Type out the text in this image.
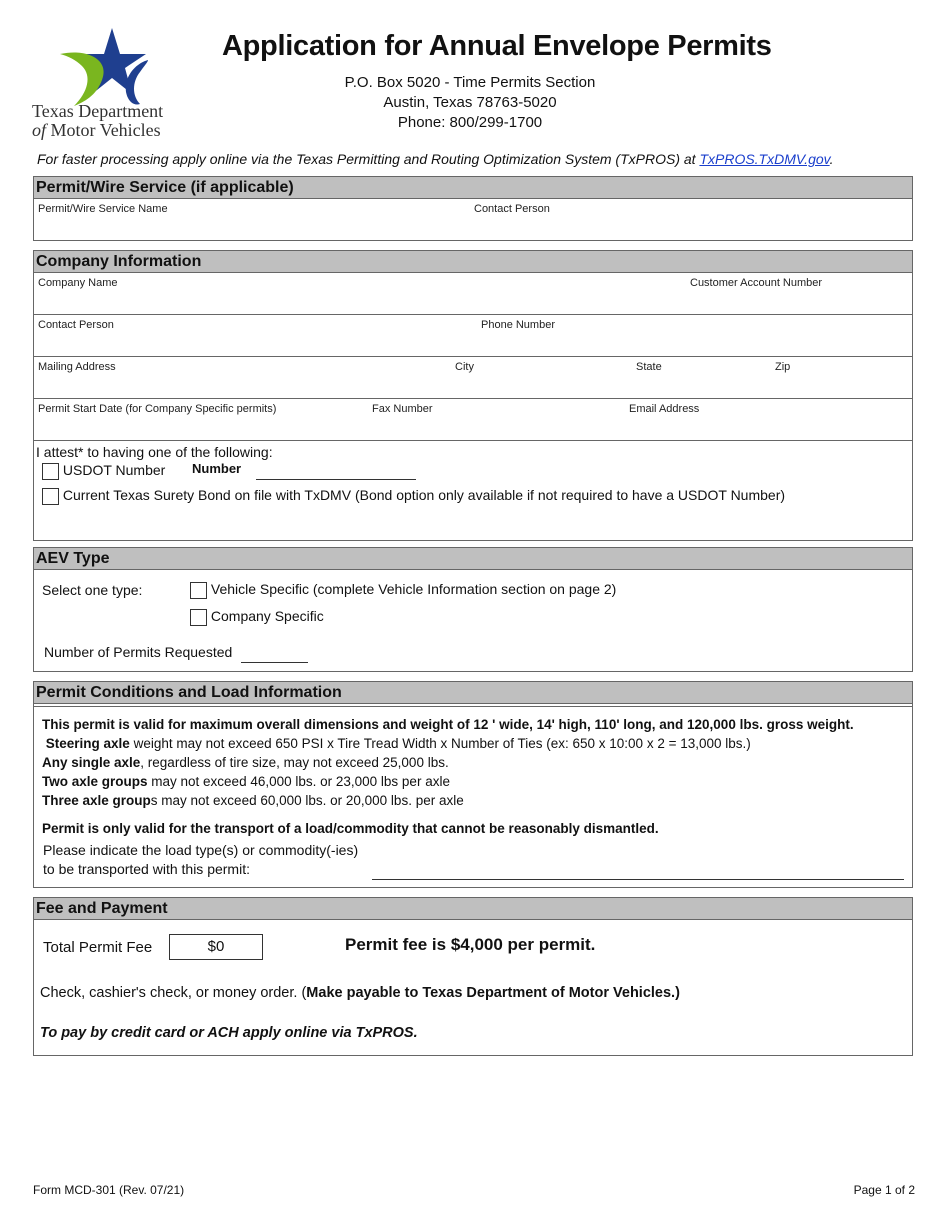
Texas Department
of Motor Vehicles
Application for Annual Envelope Permits
P.O. Box 5020 - Time Permits Section
Austin, Texas 78763-5020
Phone: 800/299-1700
For faster processing apply online via the Texas Permitting and Routing Optimization System (TxPROS) at TxPROS.TxDMV.gov.
Permit/Wire Service (if applicable)
Permit/Wire Service Name	Contact Person
Company Information
Company Name	Customer Account Number
Contact Person	Phone Number
Mailing Address	City	State	Zip
Permit Start Date (for Company Specific permits)	Fax Number	Email Address
I attest* to having one of the following:
USDOT Number Number
Current Texas Surety Bond on file with TxDMV (Bond option only available if not required to have a USDOT Number)
AEV Type
Select one type:	Vehicle Specific (complete Vehicle Information section on page 2)
Company Specific
Number of Permits Requested
Permit Conditions and Load Information
This permit is valid for maximum overall dimensions and weight of 12 ' wide, 14' high, 110' long, and 120,000 lbs. gross weight.
Steering axle weight may not exceed 650 PSI x Tire Tread Width x Number of Ties (ex: 650 x 10:00 x 2 = 13,000 lbs.)
Any single axle, regardless of tire size, may not exceed 25,000 lbs.
Two axle groups may not exceed 46,000 lbs. or 23,000 lbs per axle
Three axle groups may not exceed 60,000 lbs. or 20,000 lbs. per axle
Permit is only valid for the transport of a load/commodity that cannot be reasonably dismantled.
Please indicate the load type(s) or commodity(-ies)
to be transported with this permit:
Fee and Payment
Total Permit Fee	$0	Permit fee is $4,000 per permit.
Check, cashier's check, or money order. (Make payable to Texas Department of Motor Vehicles.)
To pay by credit card or ACH apply online via TxPROS.
Form MCD-301 (Rev. 07/21)	Page 1 of 2
